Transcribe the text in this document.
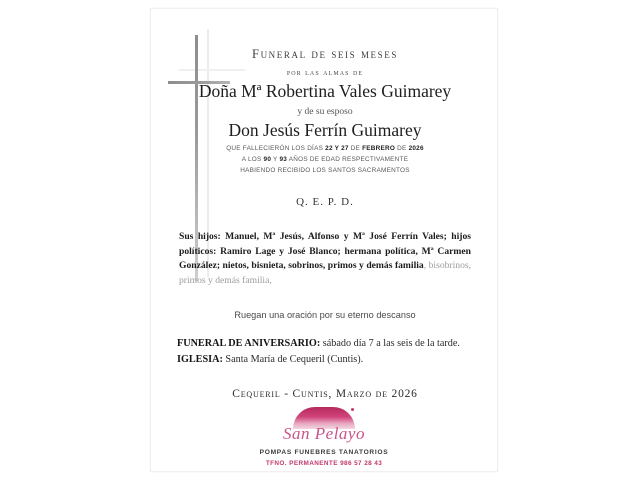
Funeral de seis meses
por las almas de
Doña Mª Robertina Vales Guimarey
y de su esposo
Don Jesús Ferrín Guimarey
QUE FALLECIERÓN LOS DÍAS 22 Y 27 DE FEBRERO DE 2026
A LOS 90 Y 93 AÑOS DE EDAD RESPECTIVAMENTE
HABIENDO RECIBIDO LOS SANTOS SACRAMENTOS
Q. E. P. D.
Sus hijos: Manuel, Mª Jesús, Alfonso y Mª José Ferrín Vales; hijos políticos: Ramiro Lage y José Blanco; hermana política, Mª Carmen González; nietos, bisnieta, sobrinos, primos y demás familia, bisobrinos, primos y demás familia,
Ruegan una oración por su eterno descanso
FUNERAL DE ANIVERSARIO: sábado día 7 a las seis de la tarde.
IGLESIA: Santa María de Cequeril (Cuntis).
Cequeril - Cuntis, Marzo de 2026
San Pelayo
POMPAS FUNEBRES TANATORIOS
TFNO. PERMANENTE 986 57 28 43
